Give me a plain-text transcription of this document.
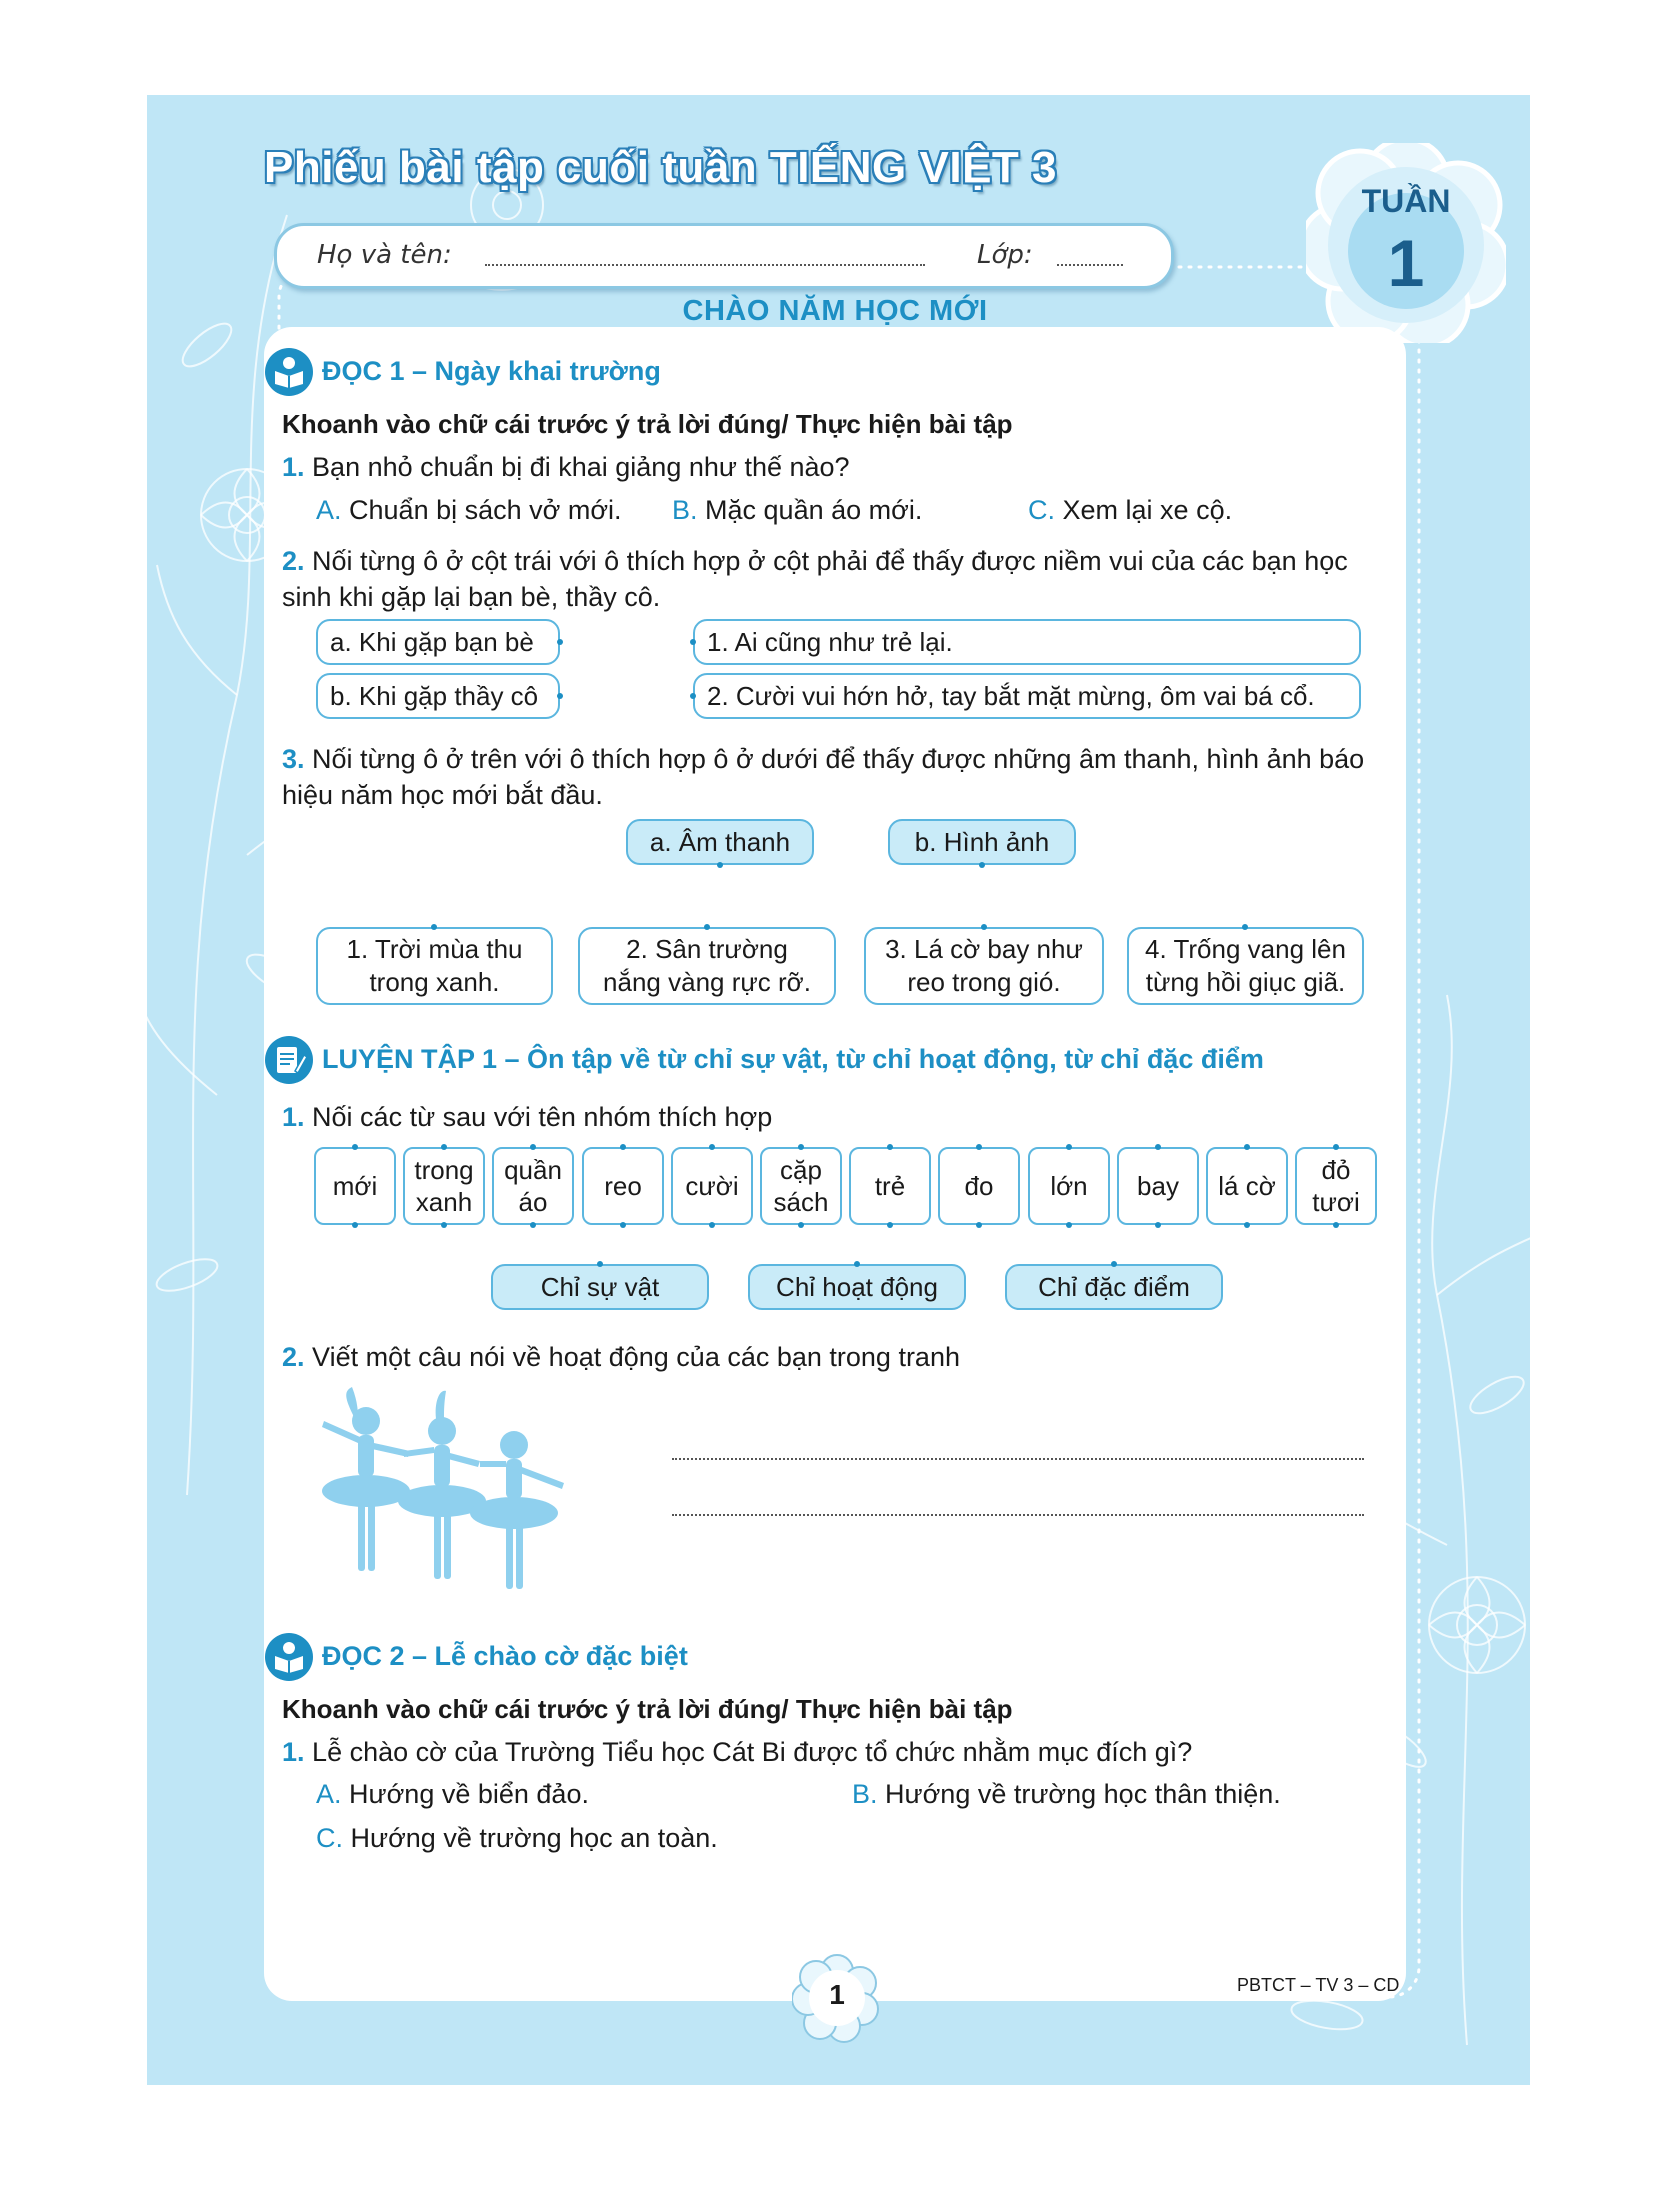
Phiếu bài tập cuối tuần TIẾNG VIỆT 3
Họ và tên:	Lớp:
TUẦN
1
CHÀO NĂM HỌC MỚI
ĐỌC 1 – Ngày khai trường
Khoanh vào chữ cái trước ý trả lời đúng/ Thực hiện bài tập
1. Bạn nhỏ chuẩn bị đi khai giảng như thế nào?
A. Chuẩn bị sách vở mới. B. Mặc quần áo mới.	C. Xem lại xe cộ.
2. Nối từng ô ở cột trái với ô thích hợp ở cột phải để thấy được niềm vui của các bạn học sinh khi gặp lại bạn bè, thầy cô.
a. Khi gặp bạn bè
b. Khi gặp thầy cô
1. Ai cũng như trẻ lại.
2. Cười vui hớn hở, tay bắt mặt mừng, ôm vai bá cổ.
3. Nối từng ô ở trên với ô thích hợp ô ở dưới để thấy được những âm thanh, hình ảnh báo hiệu năm học mới bắt đầu.
a. Âm thanh	b. Hình ảnh
1. Trời mùa thu
trong xanh.
2. Sân trường
nắng vàng rực rỡ.
3. Lá cờ bay như
reo trong gió.
4. Trống vang lên
từng hồi giục giã.
LUYỆN TẬP 1 – Ôn tập về từ chỉ sự vật, từ chỉ hoạt động, từ chỉ đặc điểm
1. Nối các từ sau với tên nhóm thích hợp
mới
trong
xanh
quần
áo
reo cười
cặp
sách
trẻ đo lớn bay lá cờ
đỏ
tươi
Chỉ sự vật	Chỉ hoạt động	Chỉ đặc điểm
2. Viết một câu nói về hoạt động của các bạn trong tranh
ĐỌC 2 – Lễ chào cờ đặc biệt
Khoanh vào chữ cái trước ý trả lời đúng/ Thực hiện bài tập
1. Lễ chào cờ của Trường Tiểu học Cát Bi được tổ chức nhằm mục đích gì?
A. Hướng về biển đảo.	B. Hướng về trường học thân thiện.
C. Hướng về trường học an toàn.
1	PBTCT – TV 3 – CD
